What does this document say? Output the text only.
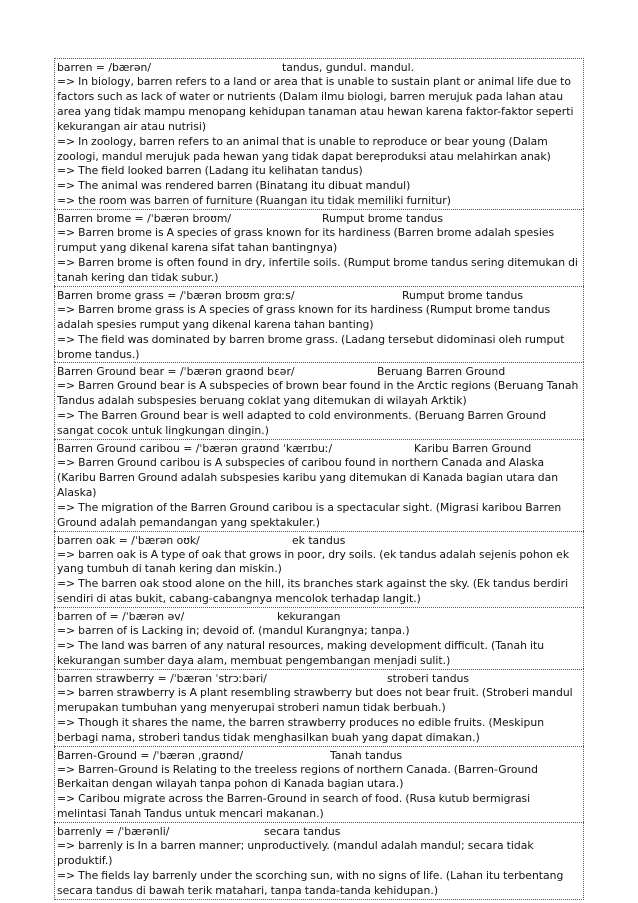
barren = /bærən/	tandus, gundul. mandul.
=> In biology, barren refers to a land or area that is unable to sustain plant or animal life due to factors such as lack of water or nutrients (Dalam ilmu biologi, barren merujuk pada lahan atau area yang tidak mampu menopang kehidupan tanaman atau hewan karena faktor-faktor seperti kekurangan air atau nutrisi)
=> In zoology, barren refers to an animal that is unable to reproduce or bear young (Dalam zoologi, mandul merujuk pada hewan yang tidak dapat bereproduksi atau melahirkan anak)
=> The field looked barren (Ladang itu kelihatan tandus)
=> The animal was rendered barren (Binatang itu dibuat mandul)
=> the room was barren of furniture (Ruangan itu tidak memiliki furnitur)
Barren brome = /ˈbærən broʊm/	Rumput brome tandus
=> Barren brome is A species of grass known for its hardiness (Barren brome adalah spesies rumput yang dikenal karena sifat tahan bantingnya)
=> Barren brome is often found in dry, infertile soils. (Rumput brome tandus sering ditemukan di tanah kering dan tidak subur.)
Barren brome grass = /ˈbærən broʊm grɑːs/	Rumput brome tandus
=> Barren brome grass is A species of grass known for its hardiness (Rumput brome tandus adalah spesies rumput yang dikenal karena tahan banting)
=> The field was dominated by barren brome grass. (Ladang tersebut didominasi oleh rumput brome tandus.)
Barren Ground bear = /ˈbærən graʊnd bɛər/	Beruang Barren Ground
=> Barren Ground bear is A subspecies of brown bear found in the Arctic regions (Beruang Tanah Tandus adalah subspesies beruang coklat yang ditemukan di wilayah Arktik)
=> The Barren Ground bear is well adapted to cold environments. (Beruang Barren Ground sangat cocok untuk lingkungan dingin.)
Barren Ground caribou = /ˈbærən graʊnd ˈkærɪbuː/	Karibu Barren Ground
=> Barren Ground caribou is A subspecies of caribou found in northern Canada and Alaska (Karibu Barren Ground adalah subspesies karibu yang ditemukan di Kanada bagian utara dan Alaska)
=> The migration of the Barren Ground caribou is a spectacular sight. (Migrasi karibou Barren Ground adalah pemandangan yang spektakuler.)
barren oak = /ˈbærən oʊk/	ek tandus
=> barren oak is A type of oak that grows in poor, dry soils. (ek tandus adalah sejenis pohon ek yang tumbuh di tanah kering dan miskin.)
=> The barren oak stood alone on the hill, its branches stark against the sky. (Ek tandus berdiri sendiri di atas bukit, cabang-cabangnya mencolok terhadap langit.)
barren of = /ˈbærən əv/	kekurangan
=> barren of is Lacking in; devoid of. (mandul Kurangnya; tanpa.)
=> The land was barren of any natural resources, making development difficult. (Tanah itu kekurangan sumber daya alam, membuat pengembangan menjadi sulit.)
barren strawberry = /ˈbærən ˈstrɔːbəri/	stroberi tandus
=> barren strawberry is A plant resembling strawberry but does not bear fruit. (Stroberi mandul merupakan tumbuhan yang menyerupai stroberi namun tidak berbuah.)
=> Though it shares the name, the barren strawberry produces no edible fruits. (Meskipun berbagi nama, stroberi tandus tidak menghasilkan buah yang dapat dimakan.)
Barren-Ground = /ˈbærən ˌgraʊnd/	Tanah tandus
=> Barren-Ground is Relating to the treeless regions of northern Canada. (Barren-Ground Berkaitan dengan wilayah tanpa pohon di Kanada bagian utara.)
=> Caribou migrate across the Barren-Ground in search of food. (Rusa kutub bermigrasi melintasi Tanah Tandus untuk mencari makanan.)
barrenly = /ˈbærənli/	secara tandus
=> barrenly is In a barren manner; unproductively. (mandul adalah mandul; secara tidak produktif.)
=> The fields lay barrenly under the scorching sun, with no signs of life. (Lahan itu terbentang secara tandus di bawah terik matahari, tanpa tanda-tanda kehidupan.)
